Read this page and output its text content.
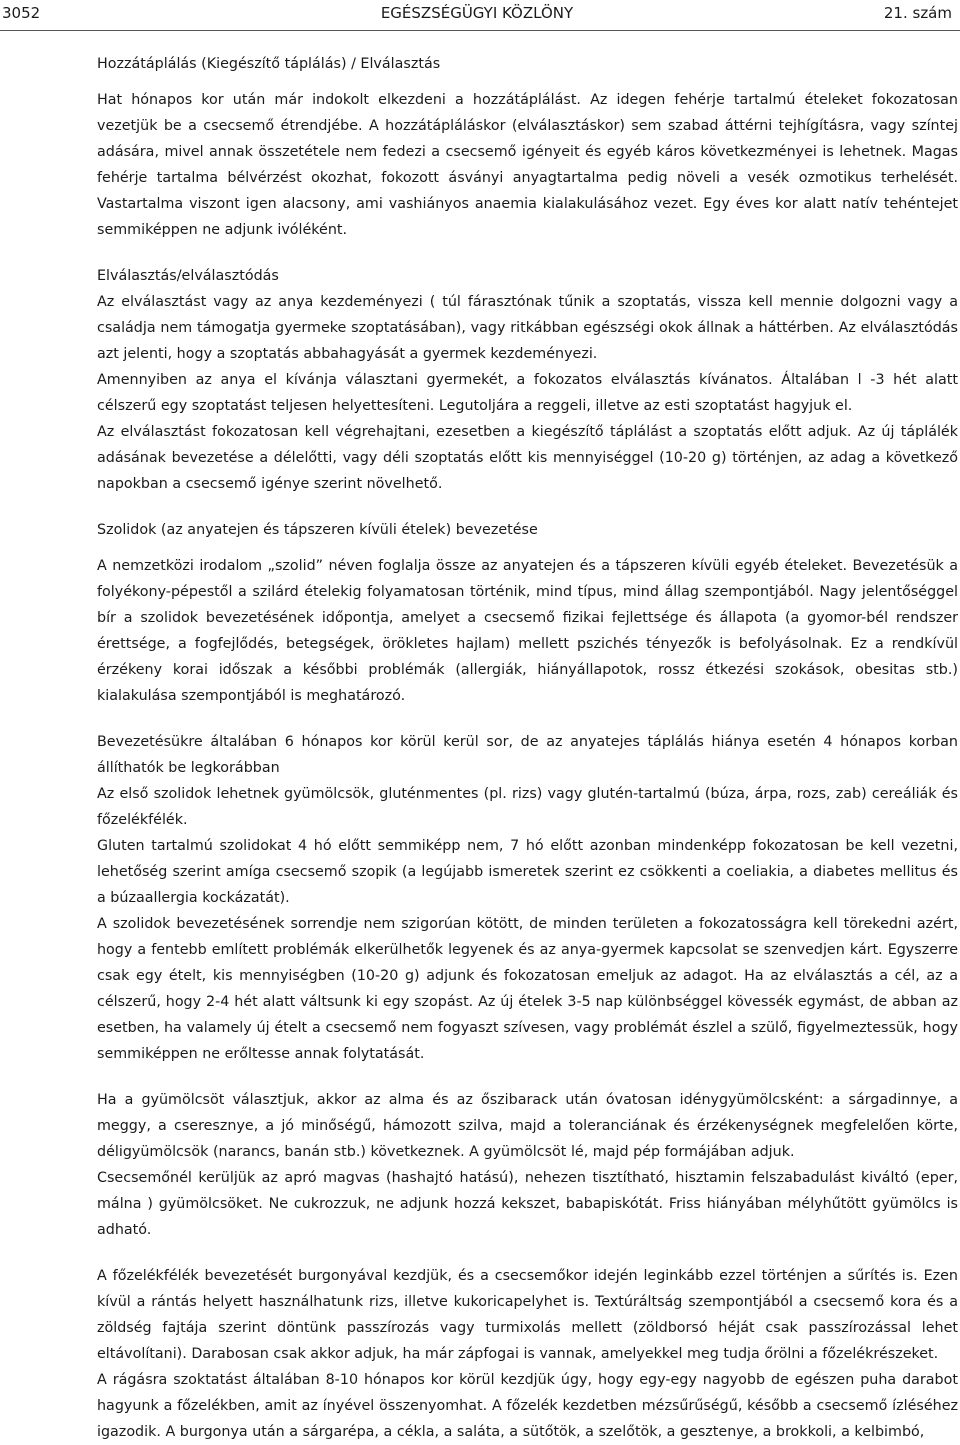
3052	EGÉSZSÉGÜGYI KÖZLÖNY	21. szám
Hozzátáplálás (Kiegészítő táplálás) / Elválasztás

Hat hónapos kor után már indokolt elkezdeni a hozzátáplálást. Az idegen fehérje tartalmú ételeket fokozatosan vezetjük be a csecsemő étrendjébe. A hozzátápláláskor (elválasztáskor) sem szabad áttérni tejhígításra, vagy színtej adására, mivel annak összetétele nem fedezi a csecsemő igényeit és egyéb káros következményei is lehetnek. Magas fehérje tartalma bélvérzést okozhat, fokozott ásványi anyagtartalma pedig növeli a vesék ozmotikus terhelését. Vastartalma viszont igen alacsony, ami vashiányos anaemia kialakulásához vezet. Egy éves kor alatt natív tehéntejet semmiképpen ne adjunk ivóléként.

Elválasztás/elválasztódás

Az elválasztást vagy az anya kezdeményezi ( túl fárasztónak tűnik a szoptatás, vissza kell mennie dolgozni vagy a családja nem támogatja gyermeke szoptatásában), vagy ritkábban egészségi okok állnak a háttérben. Az elválasztódás azt jelenti, hogy a szoptatás abbahagyását a gyermek kezdeményezi.

Amennyiben az anya el kívánja választani gyermekét, a fokozatos elválasztás kívánatos. Általában l -3 hét alatt célszerű egy szoptatást teljesen helyettesíteni. Legutoljára a reggeli, illetve az esti szoptatást hagyjuk el.

Az elválasztást fokozatosan kell végrehajtani, ezesetben a kiegészítő táplálást a szoptatás előtt adjuk. Az új táplálék adásának bevezetése a délelőtti, vagy déli szoptatás előtt kis mennyiséggel (10-20 g) történjen, az adag a következő napokban a csecsemő igénye szerint növelhető.

Szolidok (az anyatejen és tápszeren kívüli ételek) bevezetése

A nemzetközi irodalom „szolid” néven foglalja össze az anyatejen és a tápszeren kívüli egyéb ételeket. Bevezetésük a folyékony-pépestől a szilárd ételekig folyamatosan történik, mind típus, mind állag szempontjából. Nagy jelentőséggel bír a szolidok bevezetésének időpontja, amelyet a csecsemő fizikai fejlettsége és állapota (a gyomor-bél rendszer érettsége, a fogfejlődés, betegségek, örökletes hajlam) mellett pszichés tényezők is befolyásolnak. Ez a rendkívül érzékeny korai időszak a későbbi problémák (allergiák, hiányállapotok, rossz étkezési szokások, obesitas stb.) kialakulása szempontjából is meghatározó.

Bevezetésükre általában 6 hónapos kor körül kerül sor, de az anyatejes táplálás hiánya esetén 4 hónapos korban állíthatók be legkorábban

Az első szolidok lehetnek gyümölcsök, gluténmentes (pl. rizs) vagy glutén-tartalmú (búza, árpa, rozs, zab) cereáliák és főzelékfélék.

Gluten tartalmú szolidokat 4 hó előtt semmiképp nem, 7 hó előtt azonban mindenképp fokozatosan be kell vezetni, lehetőség szerint amíga csecsemő szopik (a legújabb ismeretek szerint ez csökkenti a coeliakia, a diabetes mellitus és a búzaallergia kockázatát).

A szolidok bevezetésének sorrendje nem szigorúan kötött, de minden területen a fokozatosságra kell törekedni azért, hogy a fentebb említett problémák elkerülhetők legyenek és az anya-gyermek kapcsolat se szenvedjen kárt. Egyszerre csak egy ételt, kis mennyiségben (10-20 g) adjunk és fokozatosan emeljuk az adagot. Ha az elválasztás a cél, az a célszerű, hogy 2-4 hét alatt váltsunk ki egy szopást. Az új ételek 3-5 nap különbséggel kövessék egymást, de abban az esetben, ha valamely új ételt a csecsemő nem fogyaszt szívesen, vagy problémát észlel a szülő, figyelmeztessük, hogy semmiképpen ne erőltesse annak folytatását.

Ha a gyümölcsöt választjuk, akkor az alma és az őszibarack után óvatosan idénygyümölcsként: a sárgadinnye, a meggy, a cseresznye, a jó minőségű, hámozott szilva, majd a toleranciának és érzékenységnek megfelelően körte, déligyümölcsök (narancs, banán stb.) következnek. A gyümölcsöt lé, majd pép formájában adjuk.

Csecsemőnél kerüljük az apró magvas (hashajtó hatású), nehezen tisztítható, hisztamin felszabadulást kiváltó (eper, málna ) gyümölcsöket. Ne cukrozzuk, ne adjunk hozzá kekszet, babapiskótát. Friss hiányában mélyhűtött gyümölcs is adható.

A főzelékfélék bevezetését burgonyával kezdjük, és a csecsemőkor idején leginkább ezzel történjen a sűrítés is. Ezen kívül a rántás helyett használhatunk rizs, illetve kukoricapelyhet is. Textúráltság szempontjából a csecsemő kora és a zöldség fajtája szerint döntünk passzírozás vagy turmixolás mellett (zöldborsó héját csak passzírozással lehet eltávolítani). Darabosan csak akkor adjuk, ha már zápfogai is vannak, amelyekkel meg tudja őrölni a főzelékrészeket.

A rágásra szoktatást általában 8-10 hónapos kor körül kezdjük úgy, hogy egy-egy nagyobb de egészen puha darabot hagyunk a főzelékben, amit az ínyével összenyomhat. A főzelék kezdetben mézsűrűségű, később a csecsemő ízléséhez igazodik. A burgonya után a sárgarépa, a cékla, a saláta, a sütőtök, a szelőtök, a gesztenye, a brokkoli, a kelbimbó,
